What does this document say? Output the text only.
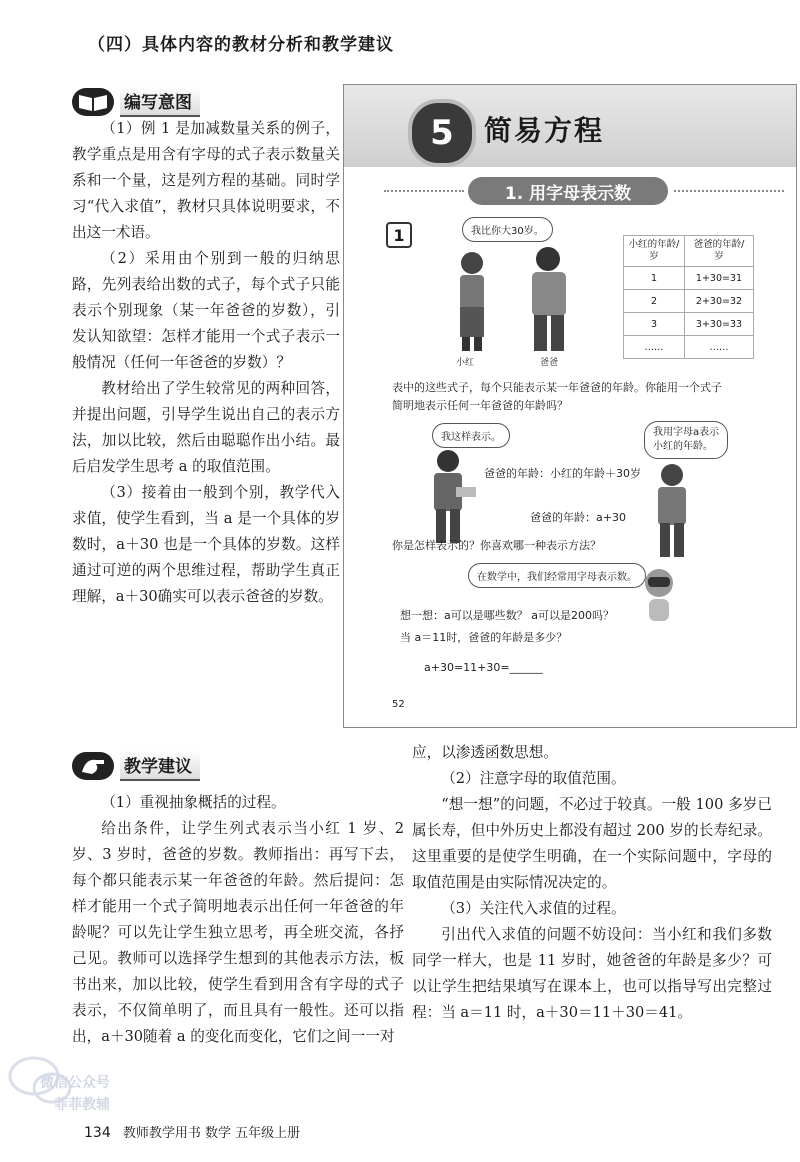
（四）具体内容的教材分析和教学建议
编写意图

（1）例 1 是加减数量关系的例子，教学重点是用含有字母的式子表示数量关系和一个量，这是列方程的基础。同时学习“代入求值”，教材只具体说明要求，不出这一术语。

（2）采用由个别到一般的归纳思路，先列表给出数的式子，每个式子只能表示个别现象（某一年爸爸的岁数），引发认知欲望：怎样才能用一个式子表示一般情况（任何一年爸爸的岁数）？

教材给出了学生较常见的两种回答，并提出问题，引导学生说出自己的表示方法，加以比较，然后由聪聪作出小结。最后启发学生思考 a 的取值范围。

（3）接着由一般到个别，教学代入求值，使学生看到，当 a 是一个具体的岁数时，a＋30 也是一个具体的岁数。这样通过可逆的两个思维过程，帮助学生真正理解，a＋30确实可以表示爸爸的岁数。

5	简易方程
1. 用字母表示数
1	我比你大30岁。
小红	爸爸
小红的年龄/岁	爸爸的年龄/岁
1	1+30=31
2	2+30=32
3	3+30=33
……	……
表中的这些式子，每个只能表示某一年爸爸的年龄。你能用一个式子
简明地表示任何一年爸爸的年龄吗？
我这样表示。
爸爸的年龄：小红的年龄＋30岁
我用字母a表示
小红的年龄。
爸爸的年龄：a+30
你是怎样表示的？你喜欢哪一种表示方法？
在数学中，我们经常用字母表示数。
想一想：a可以是哪些数？ a可以是200吗？
当 a＝11时，爸爸的年龄是多少？
a+30=11+30=______
52
教学建议

（1）重视抽象概括的过程。

给出条件，让学生列式表示当小红 1 岁、2 岁、3 岁时，爸爸的岁数。教师指出：再写下去，每个都只能表示某一年爸爸的年龄。然后提问：怎样才能用一个式子简明地表示出任何一年爸爸的年龄呢？可以先让学生独立思考，再全班交流，各抒己见。教师可以选择学生想到的其他表示方法，板书出来，加以比较，使学生看到用含有字母的式子表示，不仅简单明了，而且具有一般性。还可以指出，a＋30随着 a 的变化而变化，它们之间一一对

应，以渗透函数思想。

（2）注意字母的取值范围。

“想一想”的问题，不必过于较真。一般 100 多岁已属长寿，但中外历史上都没有超过 200 岁的长寿纪录。这里重要的是使学生明确，在一个实际问题中，字母的取值范围是由实际情况决定的。

（3）关注代入求值的过程。

引出代入求值的问题不妨设问：当小红和我们多数同学一样大，也是 11 岁时，她爸爸的年龄是多少？可以让学生把结果填写在课本上，也可以指导写出完整过程：当 a＝11 时，a＋30＝11＋30＝41。

微信公众号
菲菲教辅
134 教师教学用书 数学 五年级上册
